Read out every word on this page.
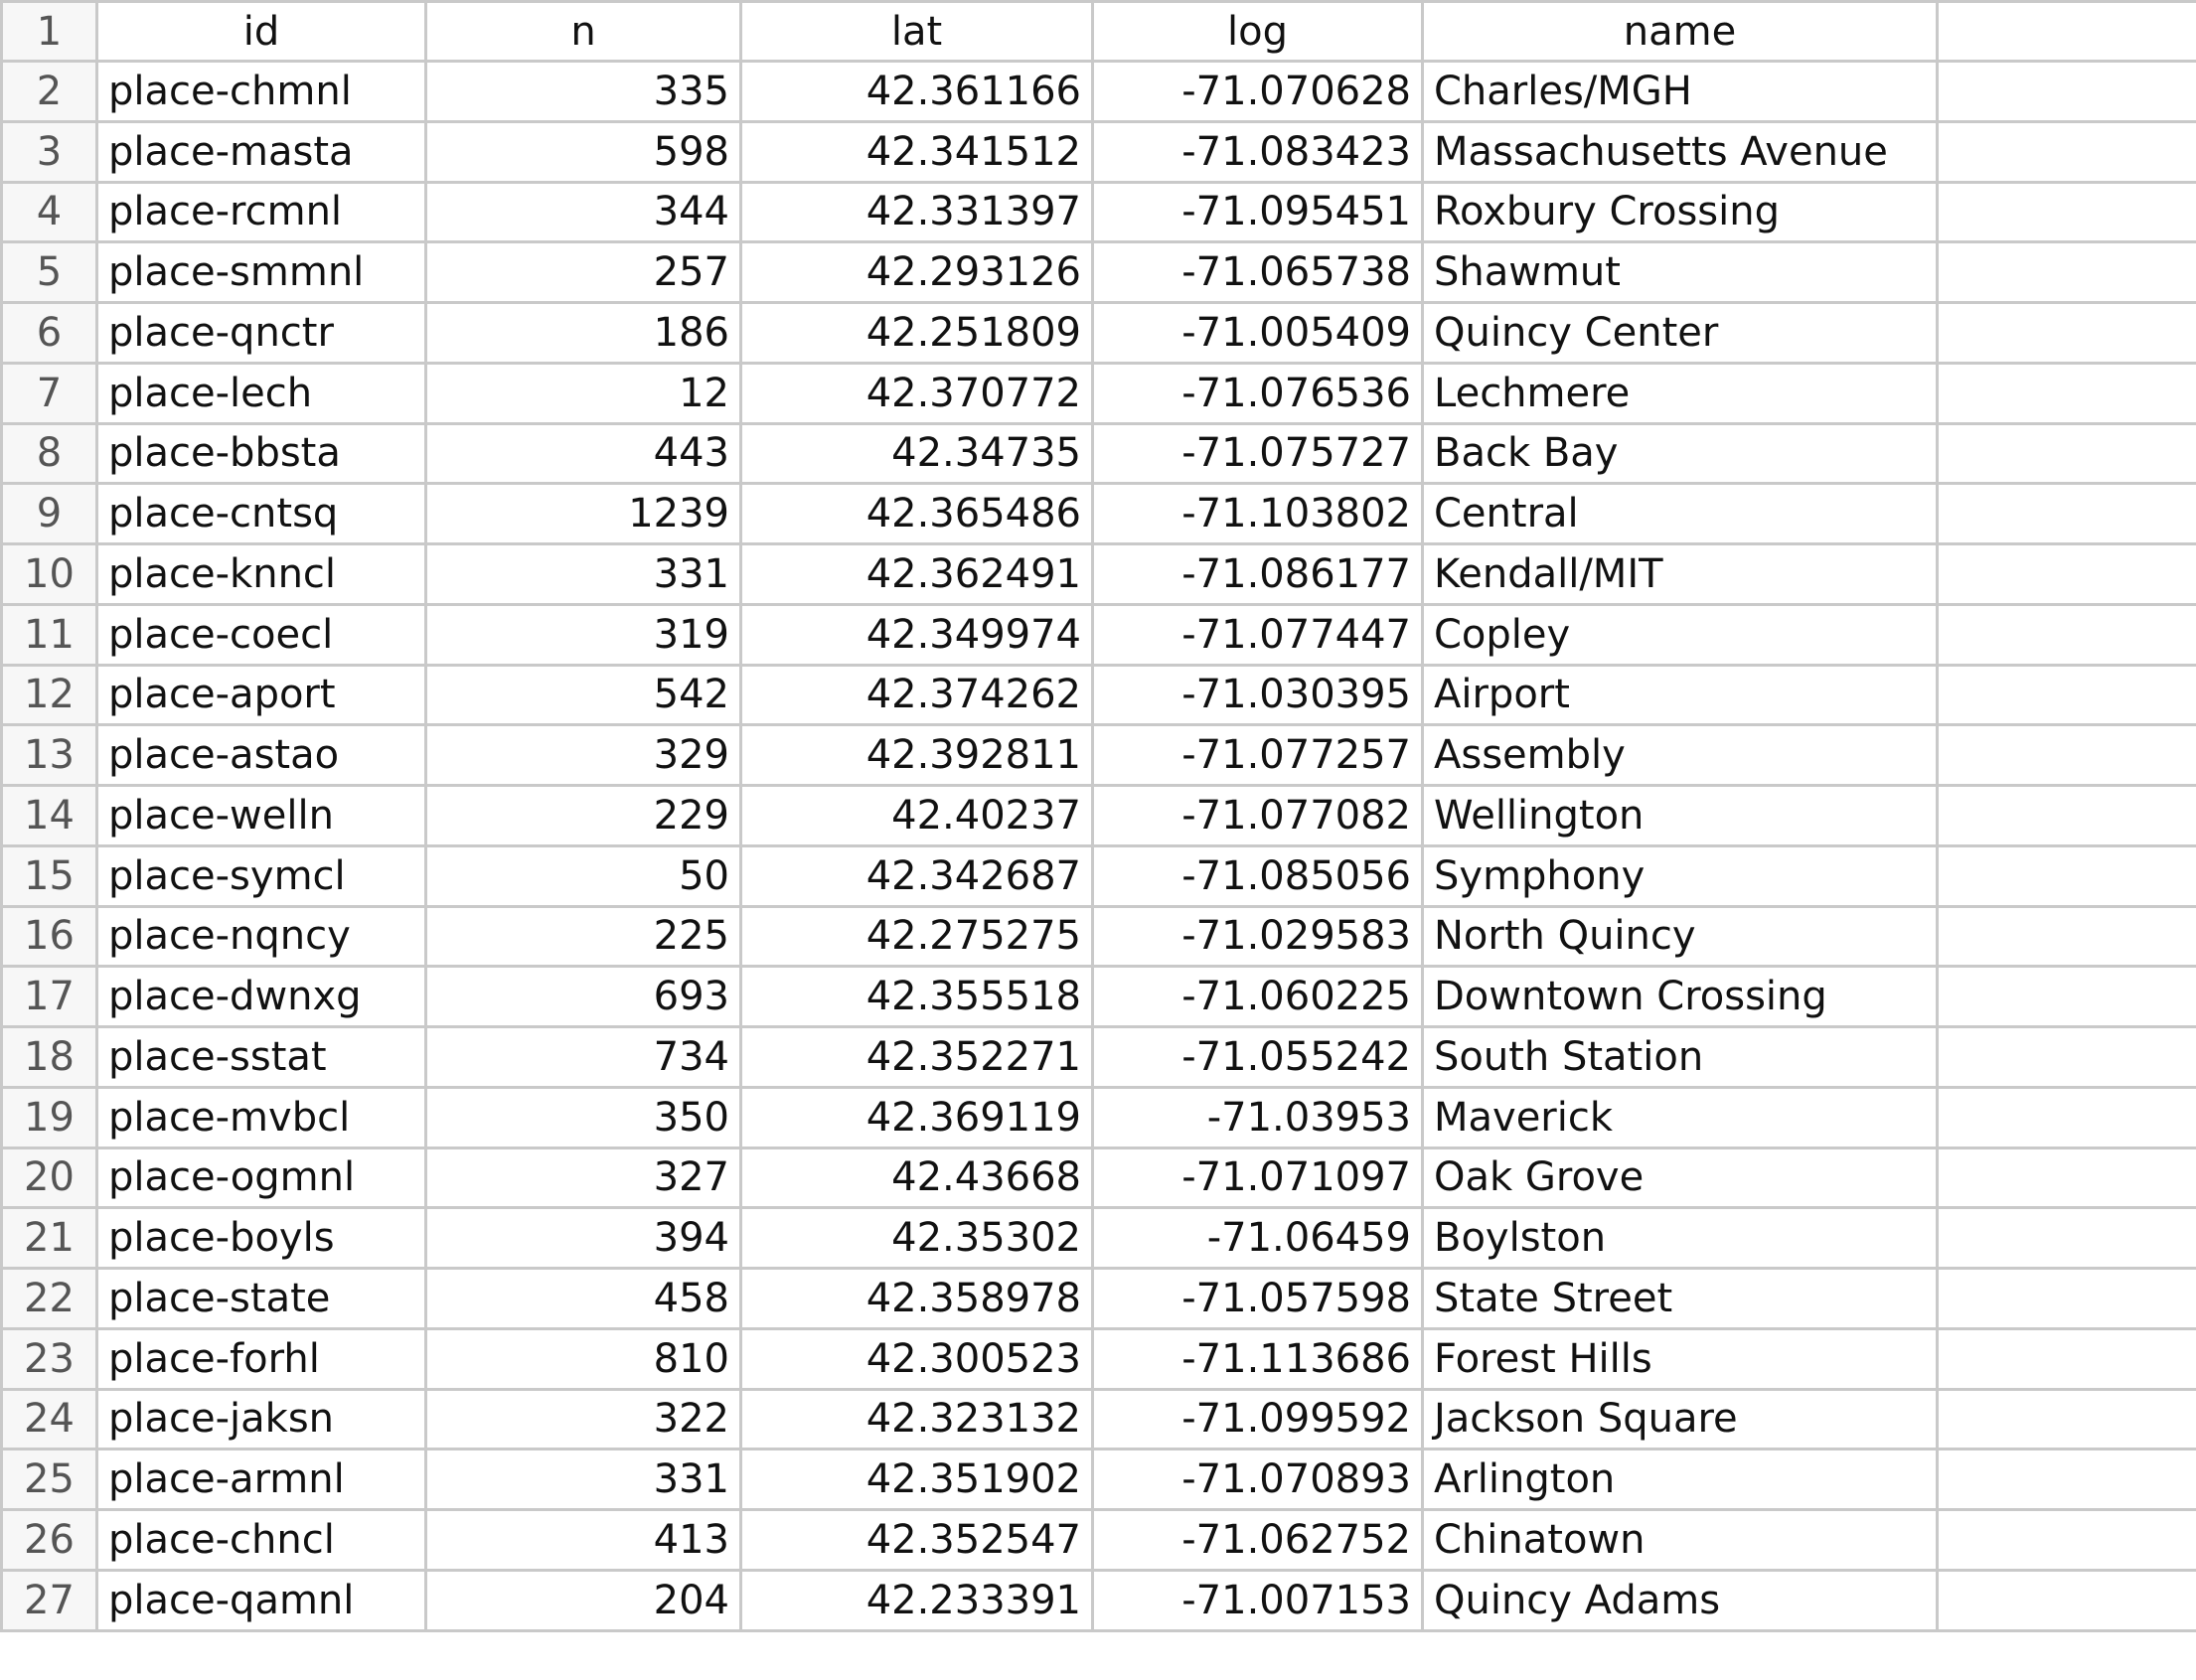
1	id	n	lat	log	name	
2	place-chmnl	335	42.361166	-71.070628	Charles/MGH	
3	place-masta	598	42.341512	-71.083423	Massachusetts Avenue	
4	place-rcmnl	344	42.331397	-71.095451	Roxbury Crossing	
5	place-smmnl	257	42.293126	-71.065738	Shawmut	
6	place-qnctr	186	42.251809	-71.005409	Quincy Center	
7	place-lech	12	42.370772	-71.076536	Lechmere	
8	place-bbsta	443	42.34735	-71.075727	Back Bay	
9	place-cntsq	1239	42.365486	-71.103802	Central	
10	place-knncl	331	42.362491	-71.086177	Kendall/MIT	
11	place-coecl	319	42.349974	-71.077447	Copley	
12	place-aport	542	42.374262	-71.030395	Airport	
13	place-astao	329	42.392811	-71.077257	Assembly	
14	place-welln	229	42.40237	-71.077082	Wellington	
15	place-symcl	50	42.342687	-71.085056	Symphony	
16	place-nqncy	225	42.275275	-71.029583	North Quincy	
17	place-dwnxg	693	42.355518	-71.060225	Downtown Crossing	
18	place-sstat	734	42.352271	-71.055242	South Station	
19	place-mvbcl	350	42.369119	-71.03953	Maverick	
20	place-ogmnl	327	42.43668	-71.071097	Oak Grove	
21	place-boyls	394	42.35302	-71.06459	Boylston	
22	place-state	458	42.358978	-71.057598	State Street	
23	place-forhl	810	42.300523	-71.113686	Forest Hills	
24	place-jaksn	322	42.323132	-71.099592	Jackson Square	
25	place-armnl	331	42.351902	-71.070893	Arlington	
26	place-chncl	413	42.352547	-71.062752	Chinatown	
27	place-qamnl	204	42.233391	-71.007153	Quincy Adams	
